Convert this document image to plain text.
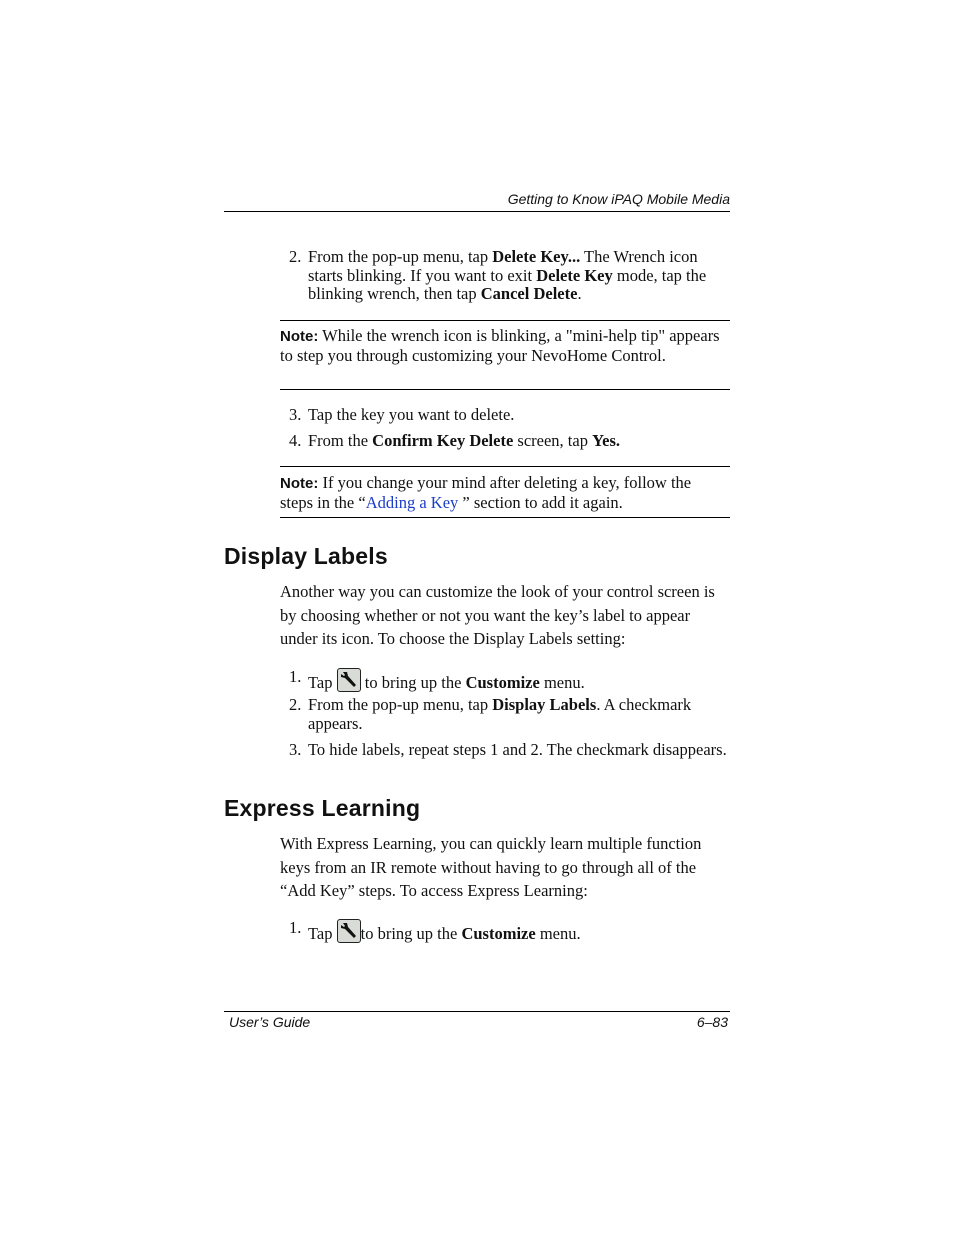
Getting to Know iPAQ Mobile Media
2. From the pop-up menu, tap Delete Key... The Wrench icon starts blinking. If you want to exit Delete Key mode, tap the blinking wrench, then tap Cancel Delete.
Note: While the wrench icon is blinking, a "mini-help tip" appears to step you through customizing your NevoHome Control.
3. Tap the key you want to delete.
4. From the Confirm Key Delete screen, tap Yes.
Note: If you change your mind after deleting a key, follow the steps in the “Adding a Key ” section to add it again.
Display Labels
Another way you can customize the look of your control screen is by choosing whether or not you want the key’s label to appear under its icon. To choose the Display Labels setting:
1. Tap
to bring up the Customize menu.
2. From the pop-up menu, tap Display Labels. A checkmark appears.
3. To hide labels, repeat steps 1 and 2. The checkmark disappears.
Express Learning
With Express Learning, you can quickly learn multiple function keys from an IR remote without having to go through all of the “Add Key” steps. To access Express Learning:
1. Tap
to bring up the Customize menu.
User’s Guide	6–83
